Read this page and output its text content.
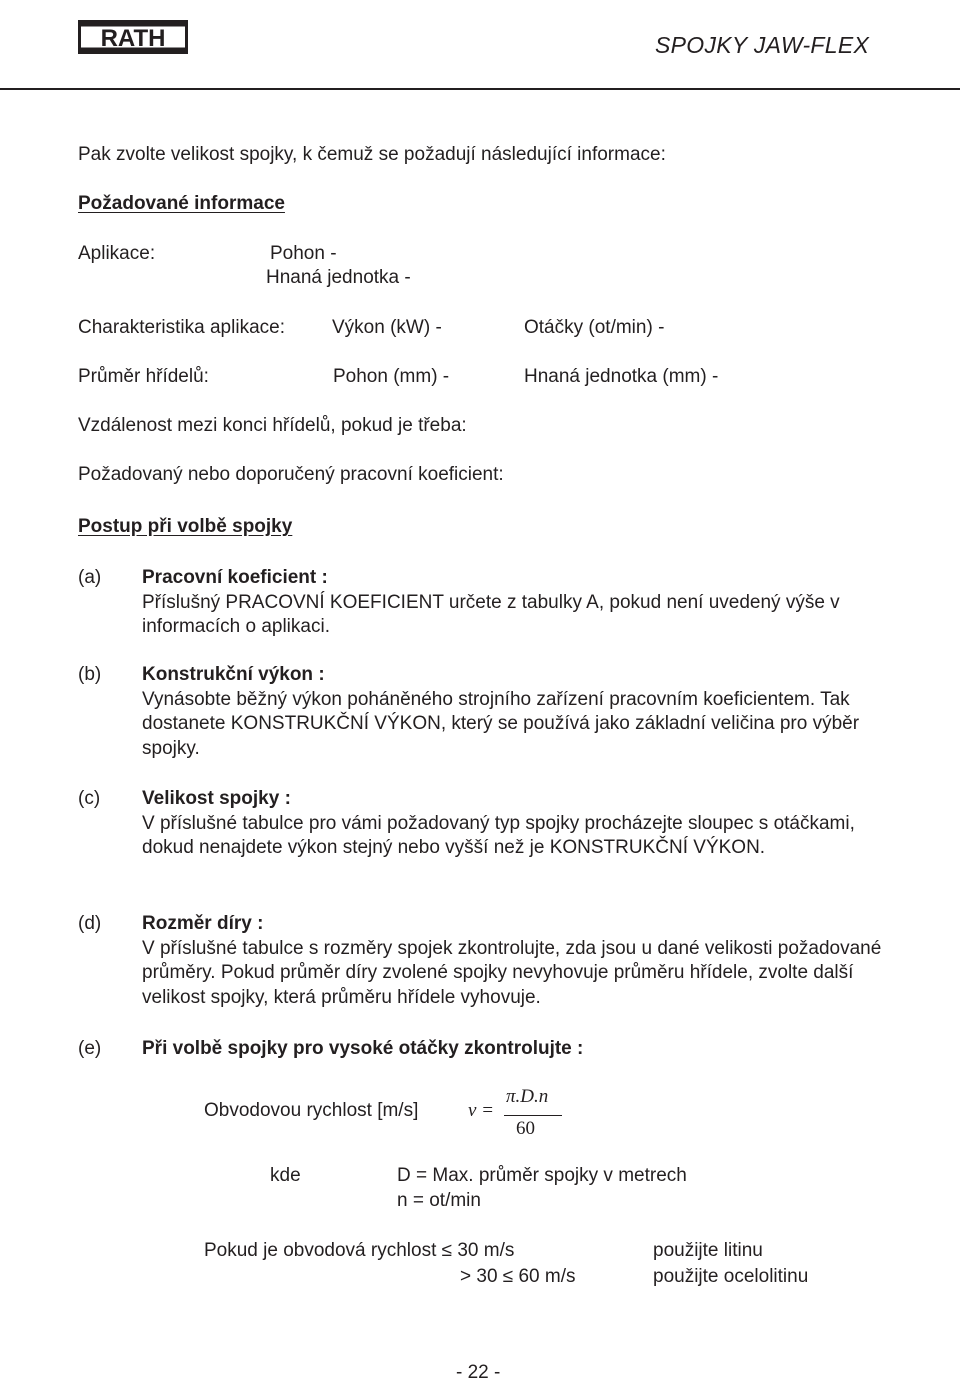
RATH	SPOJKY JAW-FLEX
Pak zvolte velikost spojky, k čemuž se požadují následující informace:
Požadované informace
Aplikace:	Pohon -
Hnaná jednotka -
Charakteristika aplikace: Výkon (kW) -	Otáčky (ot/min) -
Průměr hřídelů:	Pohon (mm) -	Hnaná jednotka (mm) -
Vzdálenost mezi konci hřídelů, pokud je třeba:
Požadovaný nebo doporučený pracovní koeficient:
Postup při volbě spojky
(a) Pracovní koeficient :
Příslušný PRACOVNÍ KOEFICIENT určete z tabulky A, pokud není uvedený výše v informacích o aplikaci.
(b) Konstrukční výkon :
Vynásobte běžný výkon poháněného strojního zařízení pracovním koeficientem. Tak dostanete KONSTRUKČNÍ VÝKON, který se používá jako základní veličina pro výběr spojky.
(c) Velikost spojky :
V příslušné tabulce pro vámi požadovaný typ spojky procházejte sloupec s otáčkami, dokud nenajdete výkon stejný nebo vyšší než je KONSTRUKČNÍ VÝKON.
(d) Rozměr díry :
V příslušné tabulce s rozměry spojek zkontrolujte, zda jsou u dané velikosti požadované průměry. Pokud průměr díry zvolené spojky nevyhovuje průměru hřídele, zvolte další velikost spojky, která průměru hřídele vyhovuje.
(e) Při volbě spojky pro vysoké otáčky zkontrolujte :
Obvodovou rychlost [m/s]	v =
π.D.n
60
kde	D = Max. průměr spojky v metrech
n = ot/min
Pokud je obvodová rychlost ≤ 30 m/s	použijte litinu
> 30 ≤ 60 m/s	použijte ocelolitinu
- 22 -
